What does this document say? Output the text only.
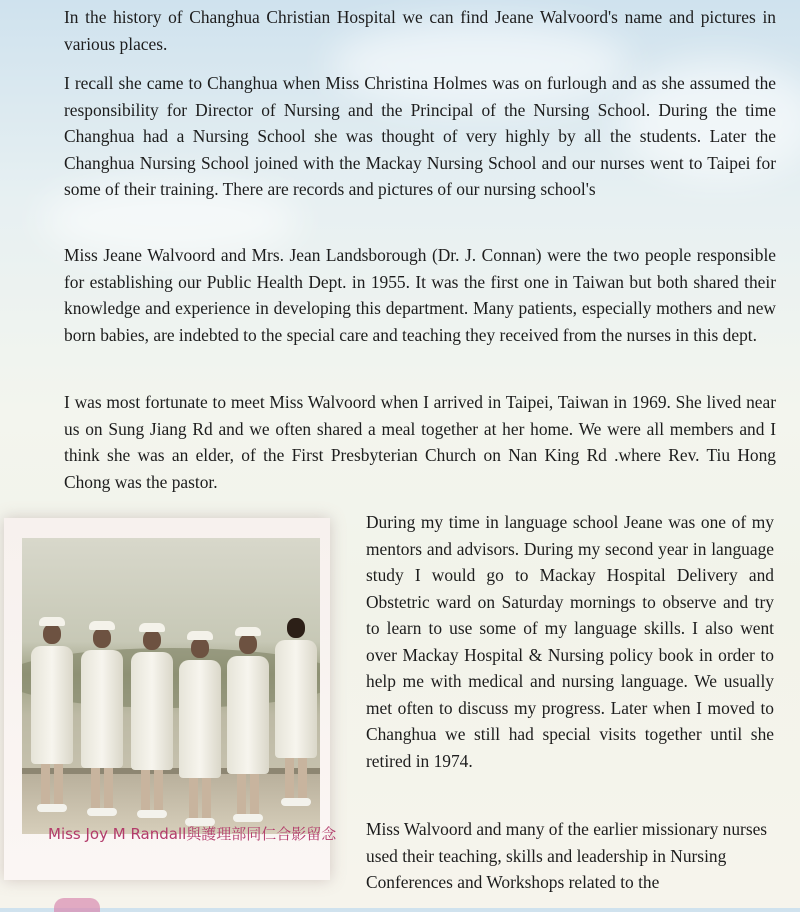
In the history of Changhua Christian Hospital we can find Jeane Walvoord's name and pictures in various places.

I recall she came to Changhua when Miss Christina Holmes was on furlough and as she assumed the responsibility for Director of Nursing and the Principal of the Nursing School. During the time Changhua had a Nursing School she was thought of very highly by all the students. Later the Changhua Nursing School joined with the Mackay Nursing School and our nurses went to Taipei for some of their training. There are records and pictures of our nursing school's

Miss Jeane Walvoord and Mrs. Jean Landsborough (Dr. J. Connan) were the two people responsible for establishing our Public Health Dept. in 1955. It was the first one in Taiwan but both shared their knowledge and experience in developing this department. Many patients, especially mothers and new born babies, are indebted to the special care and teaching they received from the nurses in this dept.

I was most fortunate to meet Miss Walvoord when I arrived in Taipei, Taiwan in 1969. She lived near us on Sung Jiang Rd and we often shared a meal together at her home. We were all members and I think she was an elder, of the First Presbyterian Church on Nan King Rd .where Rev. Tiu Hong Chong was the pastor.

Miss Joy M Randall與護理部同仁合影留念

During my time in language school Jeane was one of my mentors and advisors. During my second year in language study I would go to Mackay Hospital Delivery and Obstetric ward on Saturday mornings to observe and try to learn to use some of my language skills. I also went over Mackay Hospital & Nursing policy book in order to help me with medical and nursing language. We usually met often to discuss my progress. Later when I moved to Changhua we still had special visits together until she retired in 1974.

Miss Walvoord and many of the earlier missionary nurses used their teaching, skills and leadership in Nursing Conferences and Workshops related to the
